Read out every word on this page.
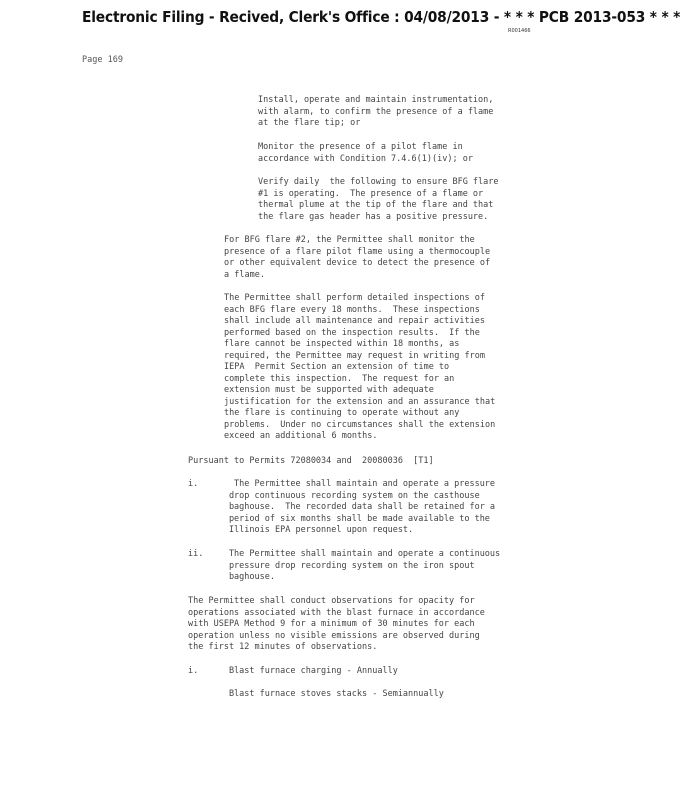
Electronic Filing - Recived, Clerk's Office : 04/08/2013 - * * * PCB 2013-053 * * *
R001466
Page 169
Install, operate and maintain instrumentation,
with alarm, to confirm the presence of a flame
at the flare tip; or
Monitor the presence of a pilot flame in
accordance with Condition 7.4.6(1)(iv); or
Verify daily  the following to ensure BFG flare
#1 is operating.  The presence of a flame or
thermal plume at the tip of the flare and that
the flare gas header has a positive pressure.
For BFG flare #2, the Permittee shall monitor the
presence of a flare pilot flame using a thermocouple
or other equivalent device to detect the presence of
a flame.
The Permittee shall perform detailed inspections of
each BFG flare every 18 months.  These inspections
shall include all maintenance and repair activities
performed based on the inspection results.  If the
flare cannot be inspected within 18 months, as
required, the Permittee may request in writing from
IEPA  Permit Section an extension of time to
complete this inspection.  The request for an
extension must be supported with adequate
justification for the extension and an assurance that
the flare is continuing to operate without any
problems.  Under no circumstances shall the extension
exceed an additional 6 months.
Pursuant to Permits 72080034 and  20080036  [T1]
i.       The Permittee shall maintain and operate a pressure
drop continuous recording system on the casthouse
baghouse.  The recorded data shall be retained for a
period of six months shall be made available to the
Illinois EPA personnel upon request.
ii.     The Permittee shall maintain and operate a continuous
pressure drop recording system on the iron spout
baghouse.
The Permittee shall conduct observations for opacity for
operations associated with the blast furnace in accordance
with USEPA Method 9 for a minimum of 30 minutes for each
operation unless no visible emissions are observed during
the first 12 minutes of observations.
i.      Blast furnace charging - Annually
Blast furnace stoves stacks - Semiannually
